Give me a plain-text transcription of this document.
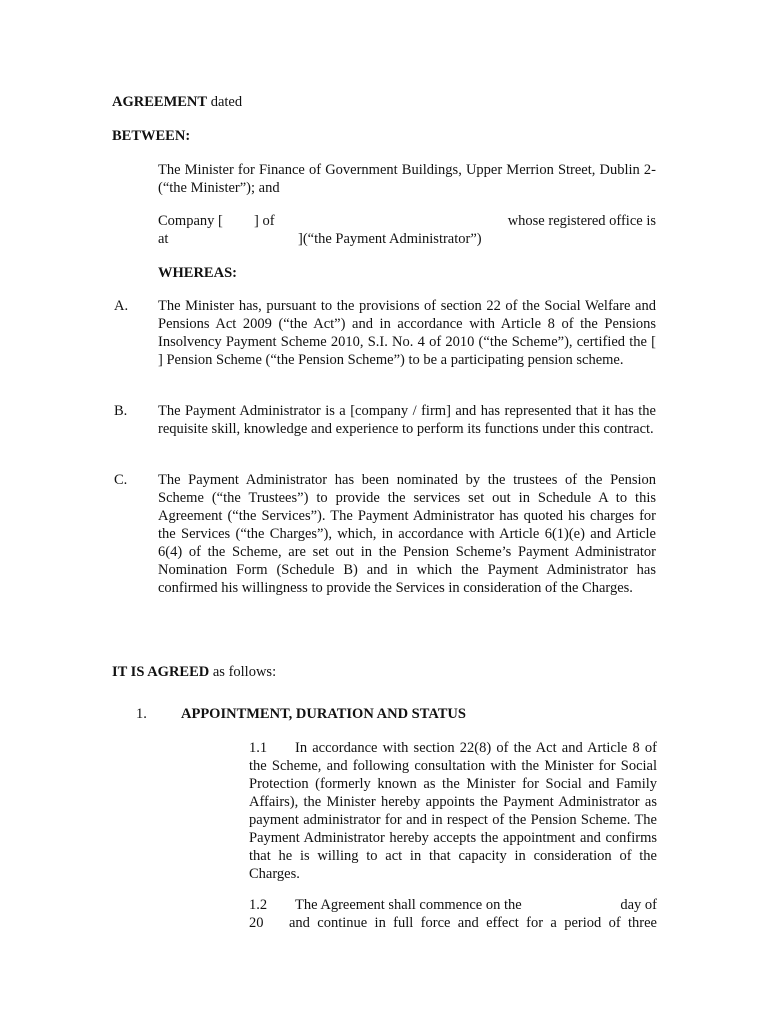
AGREEMENT dated
BETWEEN:

The Minister for Finance of Government Buildings, Upper Merrion Street, Dublin 2- (“the Minister”); and

Company [ ] of	whose registered office is
at	](“the Payment Administrator”)
WHEREAS:
A. The Minister has, pursuant to the provisions of section 22 of the Social Welfare and Pensions Act 2009 (“the Act”) and in accordance with Article 8 of the Pensions Insolvency Payment Scheme 2010, S.I. No. 4 of 2010 (“the Scheme”), certified the [ ] Pension Scheme (“the Pension Scheme”) to be a participating pension scheme.

B. The Payment Administrator is a [company / firm] and has represented that it has the requisite skill, knowledge and experience to perform its functions under this contract.

C. The Payment Administrator has been nominated by the trustees of the Pension Scheme (“the Trustees”) to provide the services set out in Schedule A to this Agreement (“the Services”). The Payment Administrator has quoted his charges for the Services (“the Charges”), which, in accordance with Article 6(1)(e) and Article 6(4) of the Scheme, are set out in the Pension Scheme’s Payment Administrator Nomination Form (Schedule B) and in which the Payment Administrator has confirmed his willingness to provide the Services in consideration of the Charges.

IT IS AGREED as follows:
1. APPOINTMENT, DURATION AND STATUS
1.1	In accordance with section 22(8) of the Act and Article 8 of the Scheme, and following consultation with the Minister for Social Protection (formerly known as the Minister for Social and Family Affairs), the Minister hereby appoints the Payment Administrator as payment administrator for and in respect of the Pension Scheme. The Payment Administrator hereby accepts the appointment and confirms that he is willing to act in that capacity in consideration of the Charges.

1.2 The Agreement shall commence on the	day of
20 and continue in full force and effect for a period of three
